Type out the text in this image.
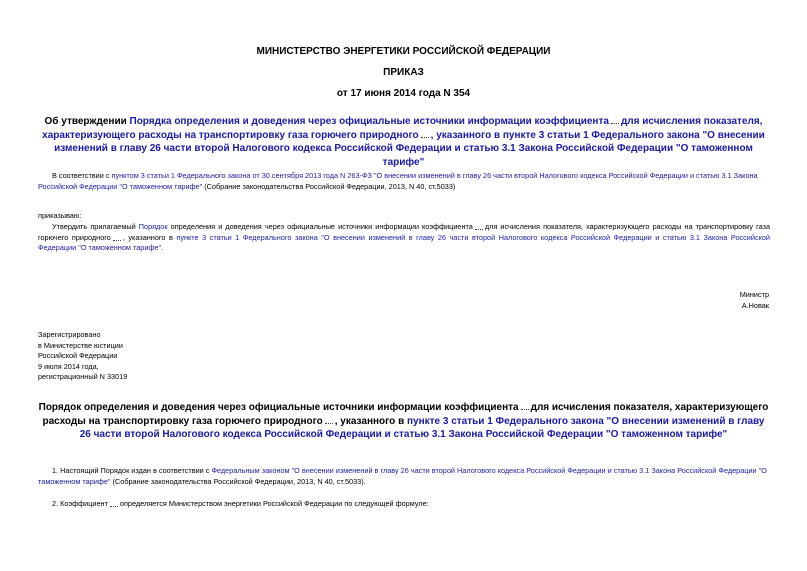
МИНИСТЕРСТВО ЭНЕРГЕТИКИ РОССИЙСКОЙ ФЕДЕРАЦИИ
ПРИКАЗ
от 17 июня 2014 года N 354
Об утверждении Порядка определения и доведения через официальные источники информации коэффициента для исчисления показателя, характеризующего расходы на транспортировку газа горючего природного , указанного в пункте 3 статьи 1 Федерального закона "О внесении изменений в главу 26 части второй Налогового кодекса Российской Федерации и статью 3.1 Закона Российской Федерации "О таможенном тарифе"
В соответствии с пунктом 3 статьи 1 Федерального закона от 30 сентября 2013 года N 263-ФЗ "О внесении изменений в главу 26 части второй Налогового кодекса Российской Федерации и статью 3.1 Закона Российской Федерации "О таможенном тарифе" (Собрание законодательства Российской Федерации, 2013, N 40, ст.5033)
приказываю:
Утвердить прилагаемый Порядок определения и доведения через официальные источники информации коэффициента для исчисления показателя, характеризующего расходы на транспортировку газа горючего природного , указанного в пункте 3 статьи 1 Федерального закона "О внесении изменений в главу 26 части второй Налогового кодекса Российской Федерации и статью 3.1 Закона Российской Федерации "О таможенном тарифе".
Министр
А.Новак
Зарегистрировано
в Министерстве юстиции
Российской Федерации
9 июля 2014 года,
регистрационный N 33019
Порядок определения и доведения через официальные источники информации коэффициента для исчисления показателя, характеризующего расходы на транспортировку газа горючего природного , указанного в пункте 3 статьи 1 Федерального закона "О внесении изменений в главу 26 части второй Налогового кодекса Российской Федерации и статью 3.1 Закона Российской Федерации "О таможенном тарифе"
1. Настоящий Порядок издан в соответствии с Федеральным законом "О внесении изменений в главу 26 части второй Налогового кодекса Российской Федерации и статью 3.1 Закона Российской Федерации "О таможенном тарифе" (Собрание законодательства Российской Федерации, 2013, N 40, ст.5033).
2. Коэффициент определяется Министерством энергетики Российской Федерации по следующей формуле:
